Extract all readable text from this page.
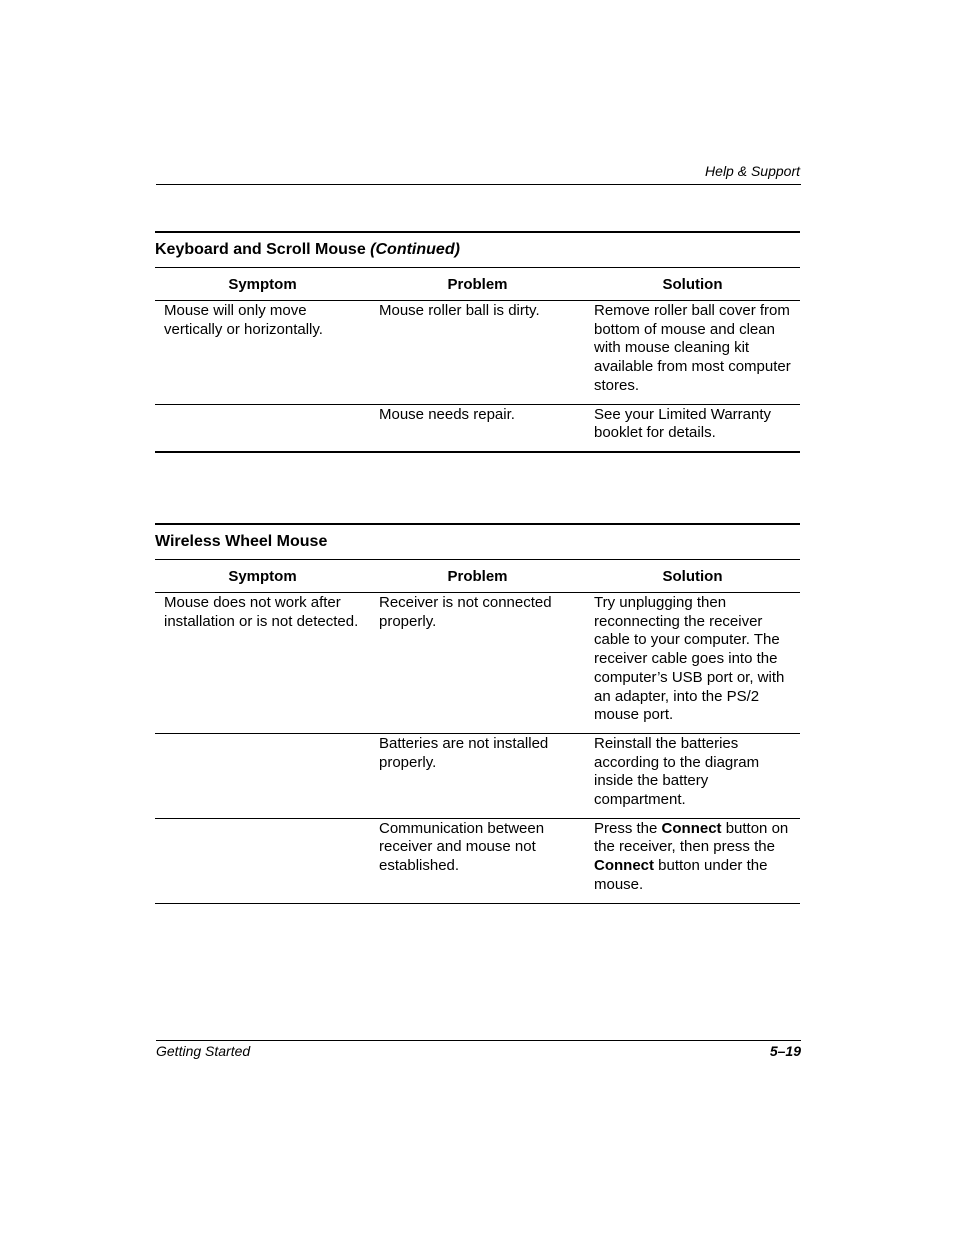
Help & Support
Keyboard and Scroll Mouse (Continued)
Symptom	Problem	Solution
Mouse will only move vertically or horizontally.	Mouse roller ball is dirty.	Remove roller ball cover from bottom of mouse and clean with mouse cleaning kit available from most computer stores.
	Mouse needs repair.	See your Limited Warranty booklet for details.
Wireless Wheel Mouse
Symptom	Problem	Solution
Mouse does not work after installation or is not detected.	Receiver is not connected properly.	Try unplugging then reconnecting the receiver cable to your computer. The receiver cable goes into the computer’s USB port or, with an adapter, into the PS/2 mouse port.
	Batteries are not installed properly.	Reinstall the batteries according to the diagram inside the battery compartment.
	Communication between receiver and mouse not established.	Press the Connect button on the receiver, then press the Connect button under the mouse.
Getting Started	5–19
